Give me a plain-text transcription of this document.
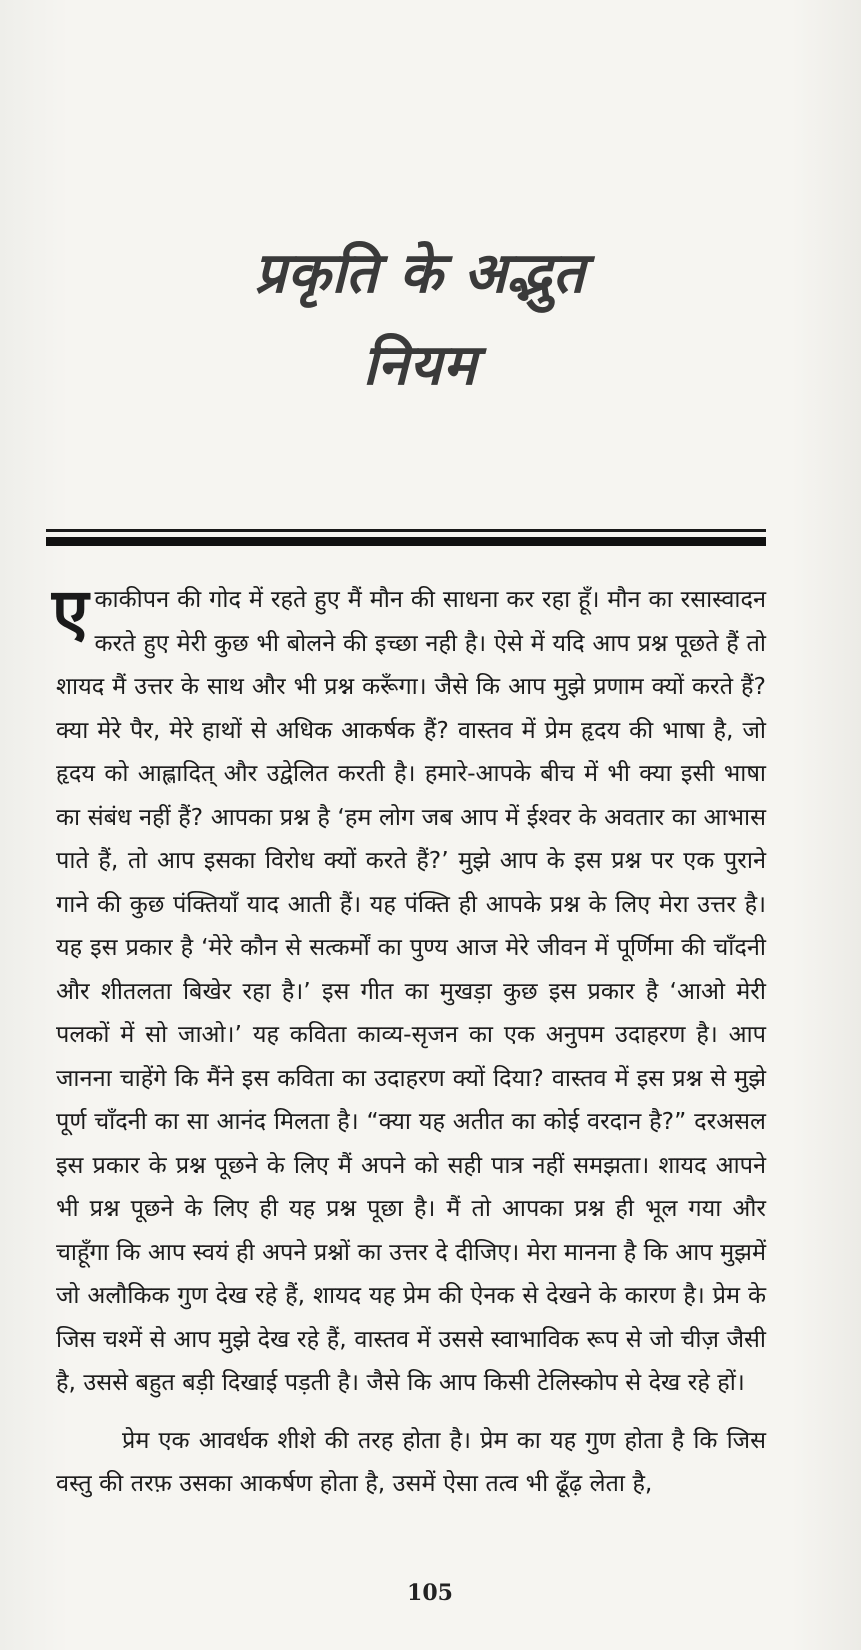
प्रकृति के अद्भुत
नियम

एकाकीपन की गोद में रहते हुए मैं मौन की साधना कर रहा हूँ। मौन का रसास्वादन करते हुए मेरी कुछ भी बोलने की इच्छा नही है। ऐसे में यदि आप प्रश्न पूछते हैं तो शायद मैं उत्तर के साथ और भी प्रश्न करूँगा। जैसे कि आप मुझे प्रणाम क्यों करते हैं? क्या मेरे पैर, मेरे हाथों से अधिक आकर्षक हैं? वास्तव में प्रेम हृदय की भाषा है, जो हृदय को आह्लादित् और उद्वेलित करती है। हमारे-आपके बीच में भी क्या इसी भाषा का संबंध नहीं हैं? आपका प्रश्न है ‘हम लोग जब आप में ईश्वर के अवतार का आभास पाते हैं, तो आप इसका विरोध क्यों करते हैं?’ मुझे आप के इस प्रश्न पर एक पुराने गाने की कुछ पंक्तियाँ याद आती हैं। यह पंक्ति ही आपके प्रश्न के लिए मेरा उत्तर है। यह इस प्रकार है ‘मेरे कौन से सत्कर्मों का पुण्य आज मेरे जीवन में पूर्णिमा की चाँदनी और शीतलता बिखेर रहा है।’ इस गीत का मुखड़ा कुछ इस प्रकार है ‘आओ मेरी पलकों में सो जाओ।’ यह कविता काव्य-सृजन का एक अनुपम उदाहरण है। आप जानना चाहेंगे कि मैंने इस कविता का उदाहरण क्यों दिया? वास्तव में इस प्रश्न से मुझे पूर्ण चाँदनी का सा आनंद मिलता है। “क्या यह अतीत का कोई वरदान है?” दरअसल इस प्रकार के प्रश्न पूछने के लिए मैं अपने को सही पात्र नहीं समझता। शायद आपने भी प्रश्न पूछने के लिए ही यह प्रश्न पूछा है। मैं तो आपका प्रश्न ही भूल गया और चाहूँगा कि आप स्वयं ही अपने प्रश्नों का उत्तर दे दीजिए। मेरा मानना है कि आप मुझमें जो अलौकिक गुण देख रहे हैं, शायद यह प्रेम की ऐनक से देखने के कारण है। प्रेम के जिस चश्में से आप मुझे देख रहे हैं, वास्तव में उससे स्वाभाविक रूप से जो चीज़ जैसी है, उससे बहुत बड़ी दिखाई पड़ती है। जैसे कि आप किसी टेलिस्कोप से देख रहे हों।

प्रेम एक आवर्धक शीशे की तरह होता है। प्रेम का यह गुण होता है कि जिस वस्तु की तरफ़ उसका आकर्षण होता है, उसमें ऐसा तत्व भी ढूँढ़ लेता है,

105
